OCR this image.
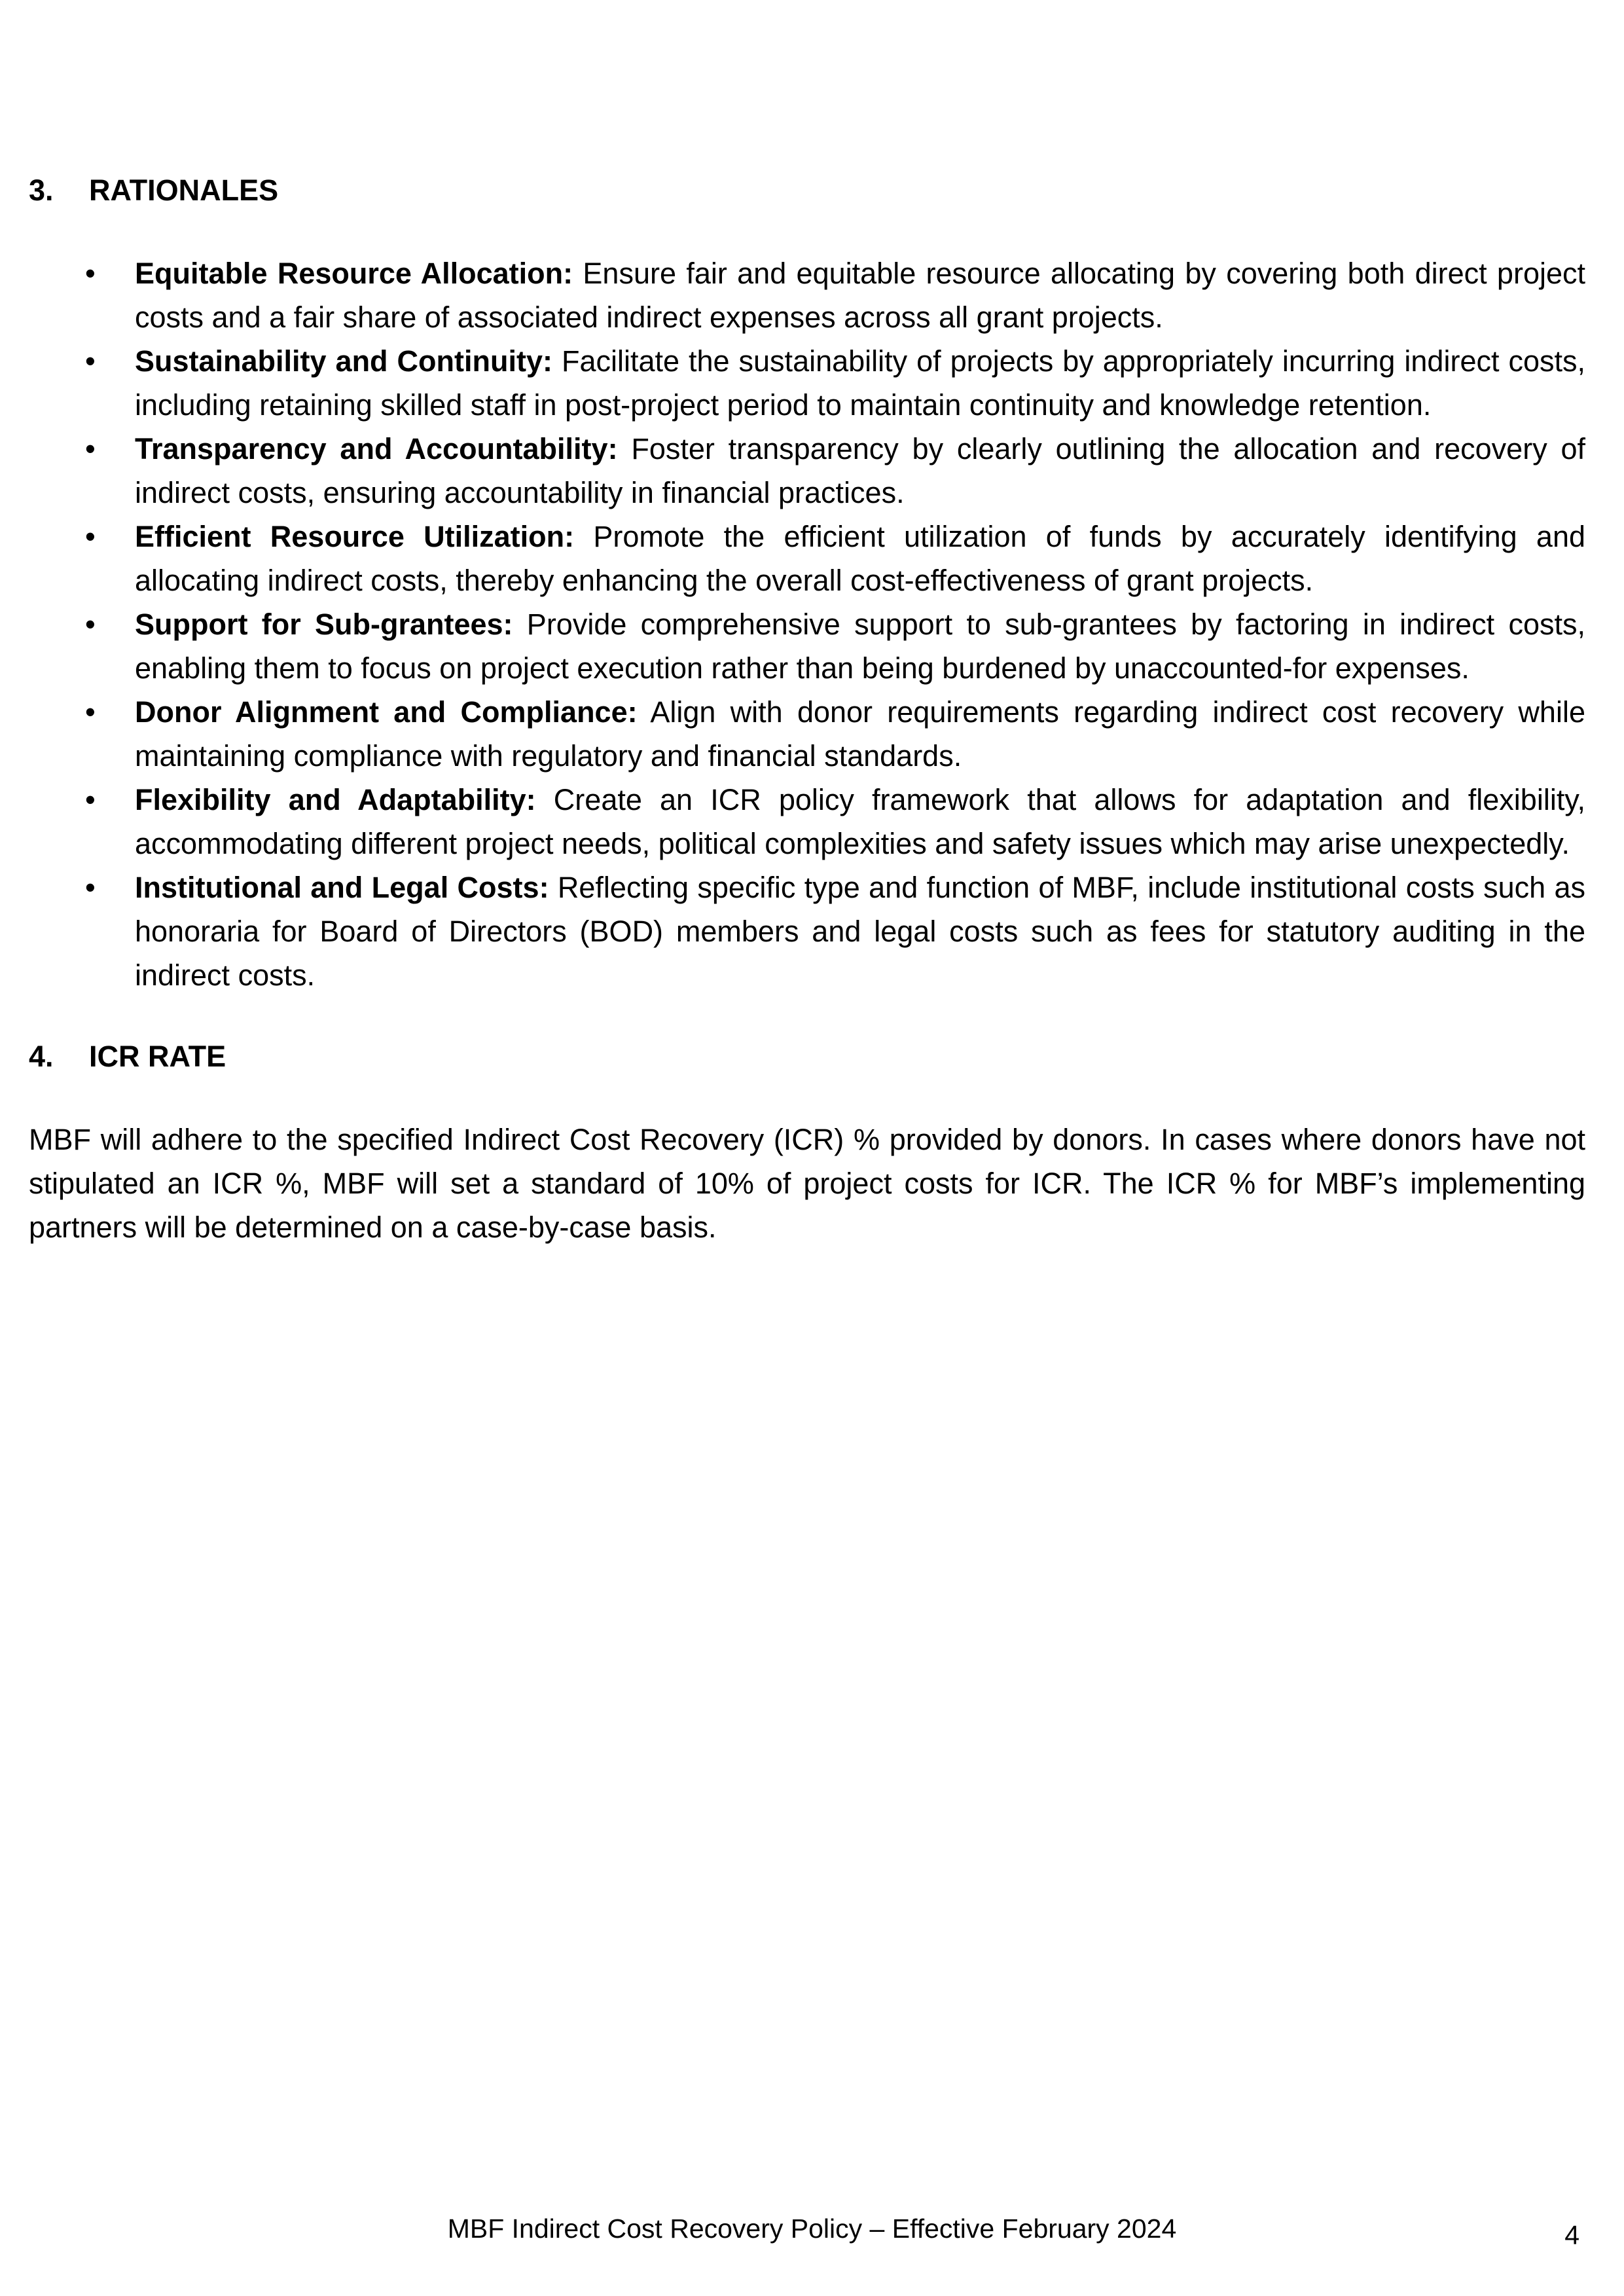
3.	RATIONALES
• Equitable Resource Allocation: Ensure fair and equitable resource allocating by covering both direct project costs and a fair share of associated indirect expenses across all grant projects.
• Sustainability and Continuity: Facilitate the sustainability of projects by appropriately incurring indirect costs, including retaining skilled staff in post-project period to maintain continuity and knowledge retention.
• Transparency and Accountability: Foster transparency by clearly outlining the allocation and recovery of indirect costs, ensuring accountability in financial practices.
• Efficient Resource Utilization: Promote the efficient utilization of funds by accurately identifying and allocating indirect costs, thereby enhancing the overall cost-effectiveness of grant projects.
• Support for Sub-grantees: Provide comprehensive support to sub-grantees by factoring in indirect costs, enabling them to focus on project execution rather than being burdened by unaccounted-for expenses.
• Donor Alignment and Compliance: Align with donor requirements regarding indirect cost recovery while maintaining compliance with regulatory and financial standards.
• Flexibility and Adaptability: Create an ICR policy framework that allows for adaptation and flexibility, accommodating different project needs, political complexities and safety issues which may arise unexpectedly.
• Institutional and Legal Costs: Reflecting specific type and function of MBF, include institutional costs such as honoraria for Board of Directors (BOD) members and legal costs such as fees for statutory auditing in the indirect costs.
4.	ICR RATE

MBF will adhere to the specified Indirect Cost Recovery (ICR) % provided by donors. In cases where donors have not stipulated an ICR %, MBF will set a standard of 10% of project costs for ICR. The ICR % for MBF’s implementing partners will be determined on a case-by-case basis.

MBF Indirect Cost Recovery Policy – Effective February 2024	4
